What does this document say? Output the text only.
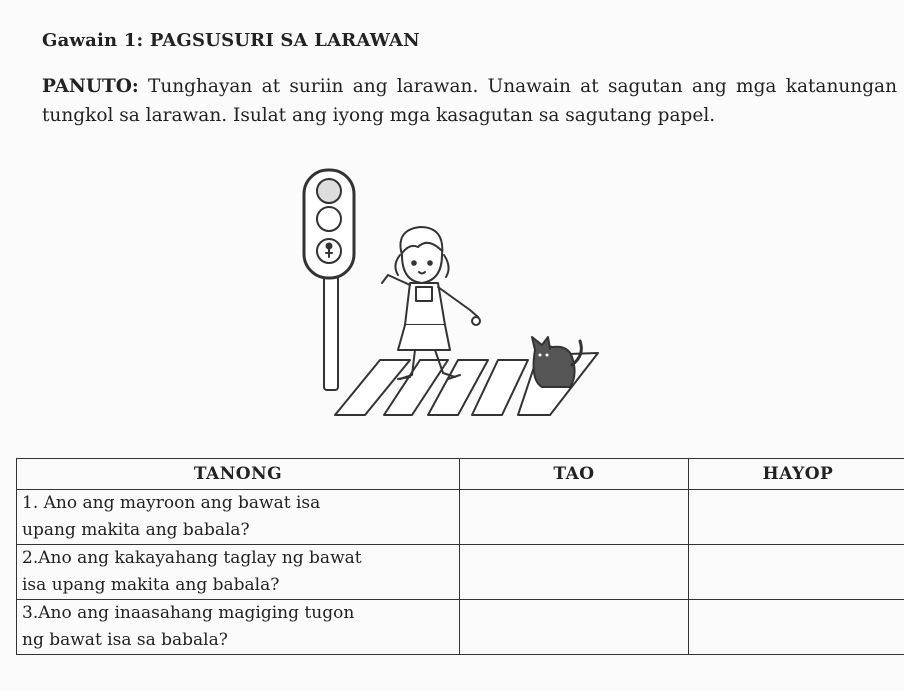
Gawain 1: PAGSUSURI SA LARAWAN

PANUTO: Tunghayan at suriin ang larawan. Unawain at sagutan ang mga katanungan tungkol sa larawan. Isulat ang iyong mga kasagutan sa sagutang papel.

TANONG	TAO	HAYOP
1. Ano ang mayroon ang bawat isa
upang makita ang babala?		
2.Ano ang kakayahang taglay ng bawat
isa upang makita ang babala?		
3.Ano ang inaasahang magiging tugon
ng bawat isa sa babala?		
